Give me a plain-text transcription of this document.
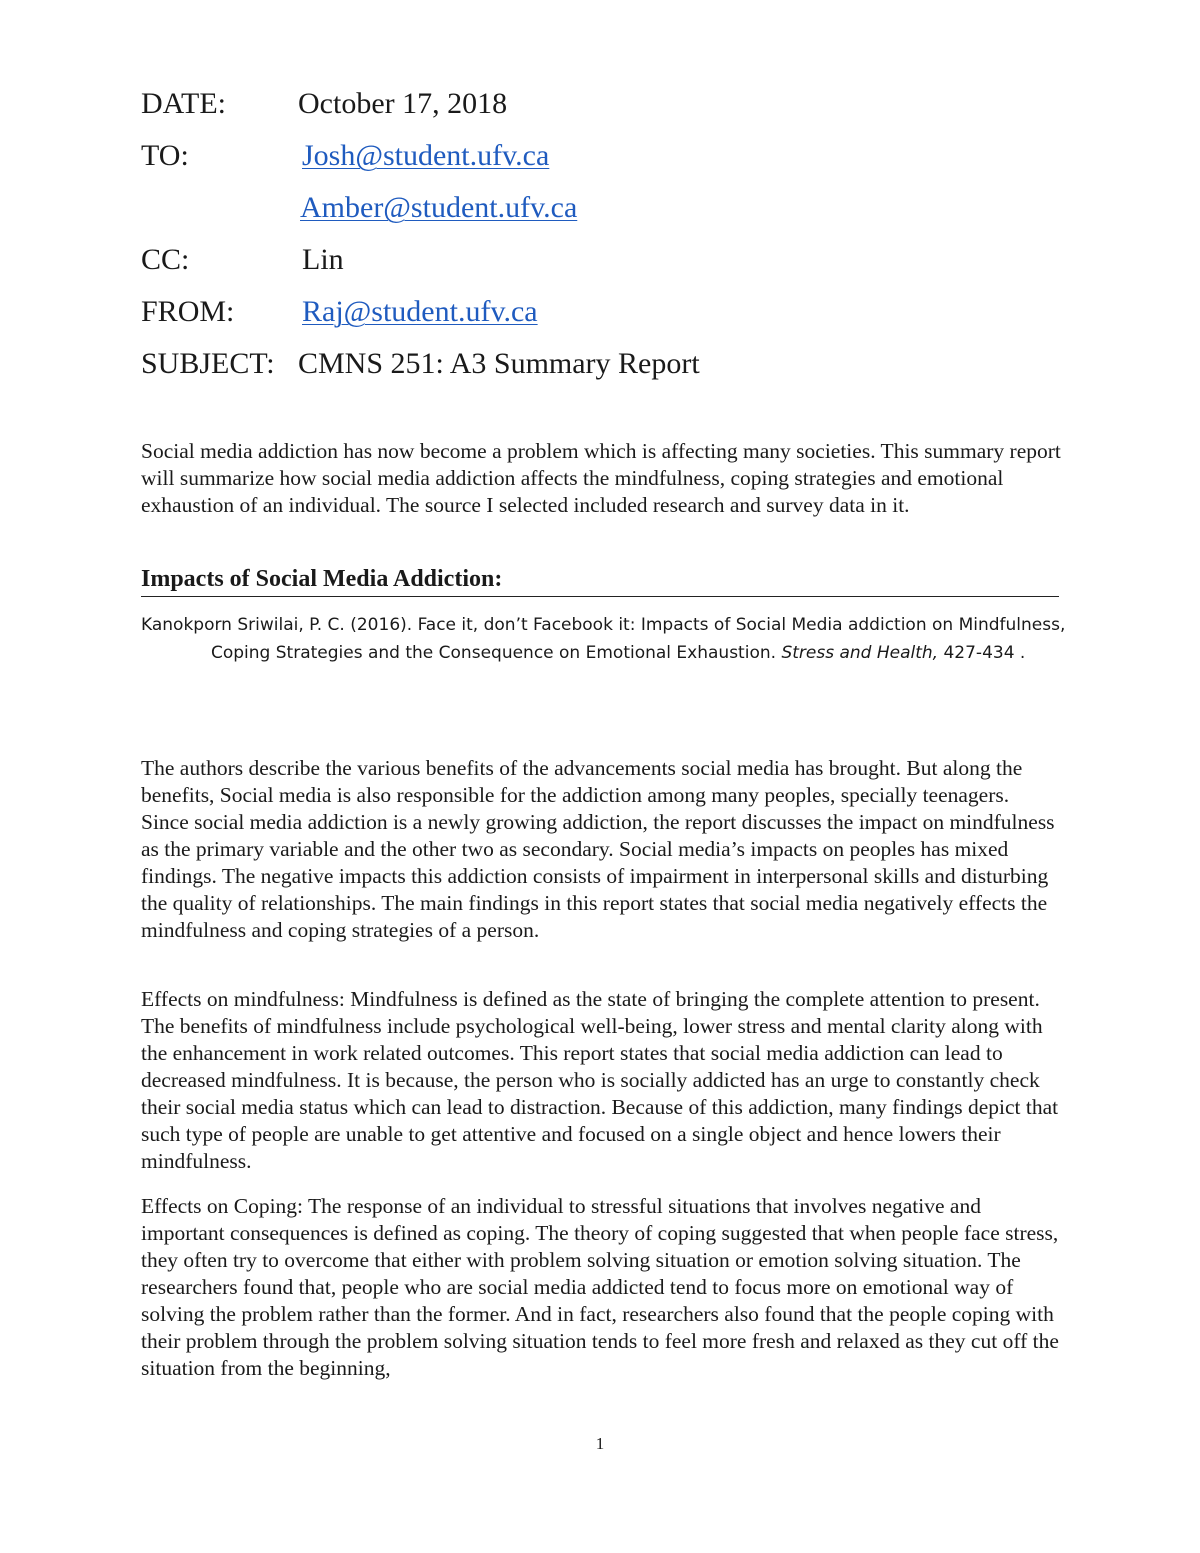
DATE:	October 17, 2018
TO:	Josh@student.ufv.ca
Amber@student.ufv.ca
CC:	Lin
FROM:	Raj@student.ufv.ca
SUBJECT: CMNS 251: A3 Summary Report

Social media addiction has now become a problem which is affecting many societies. This summary report will summarize how social media addiction affects the mindfulness, coping strategies and emotional exhaustion of an individual. The source I selected included research and survey data in it.

Impacts of Social Media Addiction:

Kanokporn Sriwilai, P. C. (2016). Face it, don’t Facebook it: Impacts of Social Media addiction on Mindfulness, Coping Strategies and the Consequence on Emotional Exhaustion. Stress and Health, 427-434 .

The authors describe the various benefits of the advancements social media has brought. But along the benefits, Social media is also responsible for the addiction among many peoples, specially teenagers. Since social media addiction is a newly growing addiction, the report discusses the impact on mindfulness as the primary variable and the other two as secondary. Social media’s impacts on peoples has mixed findings. The negative impacts this addiction consists of impairment in interpersonal skills and disturbing the quality of relationships. The main findings in this report states that social media negatively effects the mindfulness and coping strategies of a person.

Effects on mindfulness: Mindfulness is defined as the state of bringing the complete attention to present. The benefits of mindfulness include psychological well-being, lower stress and mental clarity along with the enhancement in work related outcomes. This report states that social media addiction can lead to decreased mindfulness. It is because, the person who is socially addicted has an urge to constantly check their social media status which can lead to distraction. Because of this addiction, many findings depict that such type of people are unable to get attentive and focused on a single object and hence lowers their mindfulness.

Effects on Coping: The response of an individual to stressful situations that involves negative and important consequences is defined as coping. The theory of coping suggested that when people face stress, they often try to overcome that either with problem solving situation or emotion solving situation. The researchers found that, people who are social media addicted tend to focus more on emotional way of solving the problem rather than the former. And in fact, researchers also found that the people coping with their problem through the problem solving situation tends to feel more fresh and relaxed as they cut off the situation from the beginning,

1
